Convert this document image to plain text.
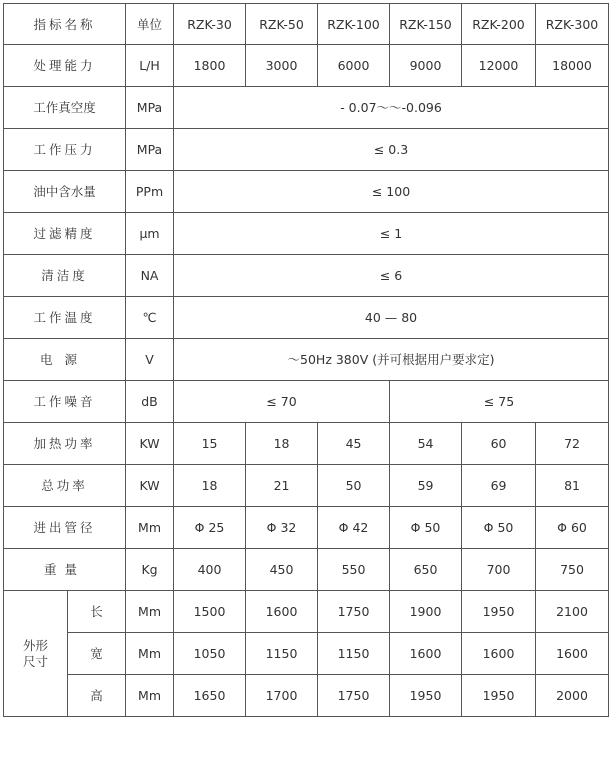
指标名称		单位	RZK-30	RZK-50	RZK-100	RZK-150	RZK-200	RZK-300
处理能力		L/H	1800	3000	6000	9000	12000	18000
工作真空度		MPa	- 0.07～～-0.096					
工作压力		MPa	≤ 0.3					
油中含水量		PPm	≤ 100					
过滤精度		μm	≤ 1					
清洁度		NA	≤ 6					
工作温度		℃	40 — 80					
电源		V	～50Hz 380V (并可根据用户要求定)					
工作噪音		dB	≤ 70			≤ 75		
加热功率		KW	15	18	45	54	60	72
总功率		KW	18	21	50	59	69	81
进出管径		Mm	Φ 25	Φ 32	Φ 42	Φ 50	Φ 50	Φ 60
重量		Kg	400	450	550	650	700	750
外形尺寸	长	Mm	1500	1600	1750	1900	1950	2100
	宽	Mm	1050	1150	1150	1600	1600	1600
	高	Mm	1650	1700	1750	1950	1950	2000
